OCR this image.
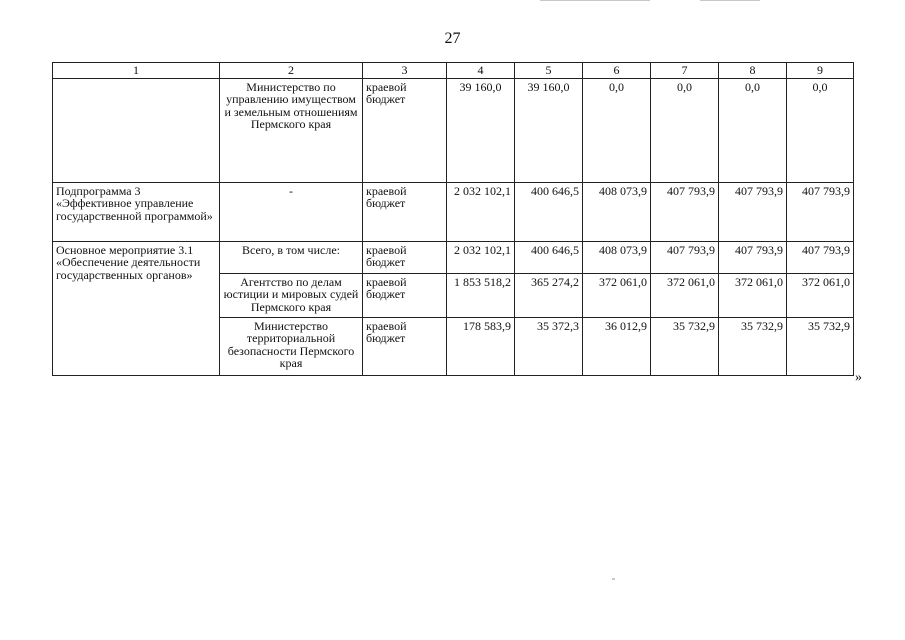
27
1	2	3	4	5	6	7	8	9
	Министерство по управлению имуществом и земельным отношениям Пермского края	краевой бюджет	39 160,0	39 160,0	0,0	0,0	0,0	0,0
Подпрограмма 3 «Эффективное управление государственной программой»	-	краевой бюджет	2 032 102,1	400 646,5	408 073,9	407 793,9	407 793,9	407 793,9
Основное мероприятие 3.1 «Обеспечение деятельности государственных органов»	Всего, в том числе:	краевой бюджет	2 032 102,1	400 646,5	408 073,9	407 793,9	407 793,9	407 793,9
	Агентство по делам юстиции и мировых судей Пермского края	краевой бюджет	1 853 518,2	365 274,2	372 061,0	372 061,0	372 061,0	372 061,0
	Министерство территориальной безопасности Пермского края	краевой бюджет	178 583,9	35 372,3	36 012,9	35 732,9	35 732,9	35 732,9
»
